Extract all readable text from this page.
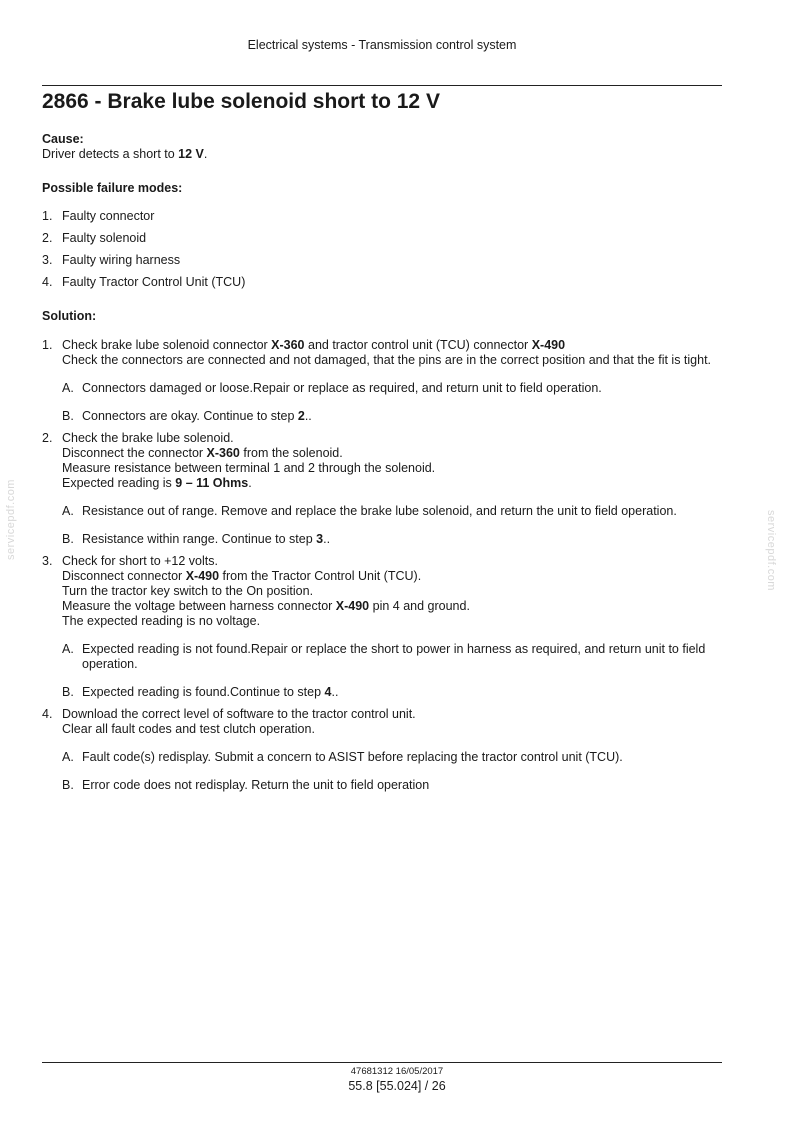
Electrical systems - Transmission control system
2866 - Brake lube solenoid short to 12 V

Cause:

Driver detects a short to 12 V.

Possible failure modes:

1. Faulty connector
2. Faulty solenoid
3. Faulty wiring harness
4. Faulty Tractor Control Unit (TCU)

Solution:

1. Check brake lube solenoid connector X-360 and tractor control unit (TCU) connector X-490

Check the connectors are connected and not damaged, that the pins are in the correct position and that the fit is tight.

A. Connectors damaged or loose.Repair or replace as required, and return unit to field operation.
B. Connectors are okay. Continue to step 2..
2. Check the brake lube solenoid.

Disconnect the connector X-360 from the solenoid.

Measure resistance between terminal 1 and 2 through the solenoid.

Expected reading is 9 – 11 Ohms.

A. Resistance out of range. Remove and replace the brake lube solenoid, and return the unit to field operation.
B. Resistance within range. Continue to step 3..
3. Check for short to +12 volts.

Disconnect connector X-490 from the Tractor Control Unit (TCU).

Turn the tractor key switch to the On position.

Measure the voltage between harness connector X-490 pin 4 and ground.

The expected reading is no voltage.

A. Expected reading is not found.Repair or replace the short to power in harness as required, and return unit to field operation.
B. Expected reading is found.Continue to step 4..
4. Download the correct level of software to the tractor control unit.

Clear all fault codes and test clutch operation.

A. Fault code(s) redisplay. Submit a concern to ASIST before replacing the tractor control unit (TCU).
B. Error code does not redisplay. Return the unit to field operation
servicepdf.com	servicepdf.com
47681312 16/05/2017
55.8 [55.024] / 26
